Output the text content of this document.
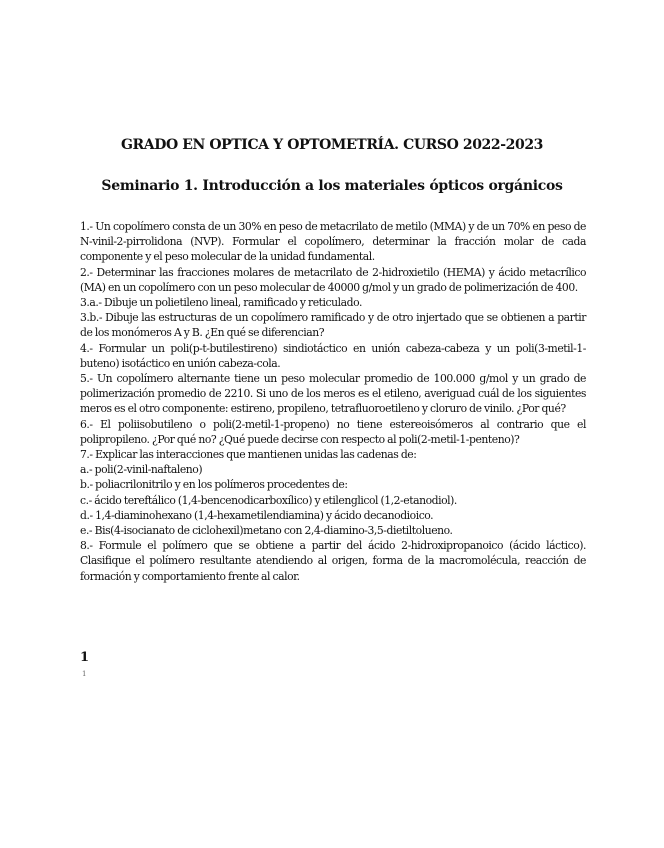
GRADO EN OPTICA Y OPTOMETRÍA. CURSO 2022-2023
Seminario 1. Introducción a los materiales ópticos orgánicos

1.- Un copolímero consta de un 30% en peso de metacrilato de metilo (MMA) y de un 70% en peso de N-vinil-2-pirrolidona (NVP). Formular el copolímero, determinar la fracción molar de cada componente y el peso molecular de la unidad fundamental.

2.- Determinar las fracciones molares de metacrilato de 2-hidroxietilo (HEMA) y ácido metacrílico (MA) en un copolímero con un peso molecular de 40000 g/mol y un grado de polimerización de 400.

3.a.- Dibuje un polietileno lineal, ramificado y reticulado.

3.b.- Dibuje las estructuras de un copolímero ramificado y de otro injertado que se obtienen a partir de los monómeros A y B. ¿En qué se diferencian?

4.- Formular un poli(p-t-butilestireno) sindiotáctico en unión cabeza-cabeza y un poli(3-metil-1-buteno) isotáctico en unión cabeza-cola.

5.- Un copolímero alternante tiene un peso molecular promedio de 100.000 g/mol y un grado de polimerización promedio de 2210. Si uno de los meros es el etileno, averiguad cuál de los siguientes meros es el otro componente: estireno, propileno, tetrafluoroetileno y cloruro de vinilo. ¿Por qué?

6.- El poliisobutileno o poli(2-metil-1-propeno) no tiene estereoisómeros al contrario que el polipropileno. ¿Por qué no? ¿Qué puede decirse con respecto al poli(2-metil-1-penteno)?

7.- Explicar las interacciones que mantienen unidas las cadenas de:

a.- poli(2-vinil-naftaleno)

b.- poliacrilonitrilo y en los polímeros procedentes de:

c.- ácido tereftálico (1,4-bencenodicarboxílico) y etilenglicol (1,2-etanodiol).

d.- 1,4-diaminohexano (1,4-hexametilendiamina) y ácido decanodioico.

e.- Bis(4-isocianato de ciclohexil)metano con 2,4-diamino-3,5-dietiltolueno.

8.- Formule el polímero que se obtiene a partir del ácido 2-hidroxipropanoico (ácido láctico). Clasifique el polímero resultante atendiendo al origen, forma de la macromolécula, reacción de formación y comportamiento frente al calor.

1
1
